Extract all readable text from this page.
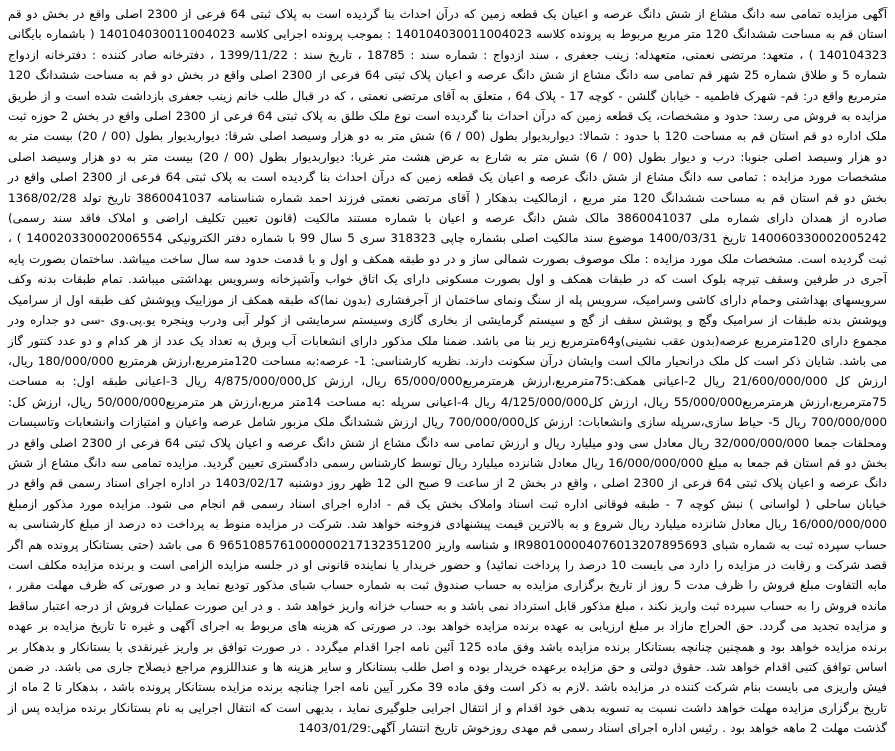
آگهی مزایده تمامی سه دانگ مشاع از شش دانگ عرصه و اعیان یک قطعه زمین که درآن احداث بنا گردیده است به پلاک ثبتی 64 فرعی از 2300 اصلی واقع در بخش دو قم استان قم به مساحت ششدانگ 120 متر مربع مربوط به پرونده کلاسه 140104030011004023 : بموجب پرونده اجرایی کلاسه 140104030011004023 ( باشماره بایگانی 140104323 ) ، متعهد: مرتضی نعمتی، متعهدله: زینب جعفری ، سند ازدواج : شماره سند : 18785 ، تاریخ سند : 1399/11/22 ، دفترخانه صادر کننده : دفترخانه ازدواج شماره 5 و طلاق شماره 25 شهر قم تمامی سه دانگ مشاع از شش دانگ عرصه و اعیان پلاک ثبتی 64 فرعی از 2300 اصلی واقع در بخش دو قم به مساحت ششدانگ 120 مترمربع واقع در: قم- شهرک فاطمیه - خیابان گلشن - کوچه 17 - پلاک 64 ، متعلق به آقای مرتضی نعمتی ، که در قبال طلب خانم زینب جعفری بازداشت شده است و از طریق مزایده به فروش می رسد: حدود و مشخصات، یک قطعه زمین که درآن احداث بنا گردیده است نوع ملک طلق به پلاک ثبتی 64 فرعی از 2300 اصلی واقع در بخش 2 حوزه ثبت ملک اداره دو قم استان قم به مساحت 120 با حدود : شمالا: دیواربدیوار بطول (00 / 6) شش متر به دو هزار وسیصد اصلی شرقا: دیواربدیوار بطول (00 / 20) بیست متر به دو هزار وسیصد اصلی جنوبا: درب و دیوار بطول (00 / 6) شش متر به شارع به عرض هشت متر غربا: دیواربدیوار بطول (00 / 20) بیست متر به دو هزار وسیصد اصلی مشخصات مورد مزایده : تمامی سه دانگ مشاع از شش دانگ عرصه و اعیان یک قطعه زمین که درآن احداث بنا گردیده است به پلاک ثبتی 64 فرعی از 2300 اصلی واقع در بخش دو قم استان قم به مساحت ششدانگ 120 متر مربع ، ازمالکیت بدهکار ( آقای مرتضی نعمتی فرزند احمد شماره شناسنامه 3860041037 تاریخ تولد 1368/02/28 صادره از همدان دارای شماره ملی 3860041037 مالک شش دانگ عرصه و اعیان با شماره مستند مالکیت (قانون تعیین تکلیف اراضی و املاک فاقد سند رسمی) 140060330002005242 تاریخ 1400/03/31 موضوع سند مالکیت اصلی بشماره چاپی 318323 سری 5 سال 99 با شماره دفتر الکترونیکی 140020330002006554 ) ، ثبت گردیده است. مشخصات ملک مورد مزایده : ملک موصوف بصورت شمالی ساز و در دو طبقه همکف و اول و با قدمت حدود سه سال ساخت میباشد. ساختمان بصورت پایه آجری در طرفین وسقف تیرچه بلوک است که در طبقات همکف و اول بصورت مسکونی دارای یک اتاق خواب وآشپزخانه وسرویس بهداشتی میباشد. تمام طبقات بدنه وکف سرویسهای بهداشتی وحمام دارای کاشی وسرامیک، سرویس پله از سنگ ونمای ساختمان از آجرفشاری (بدون نما)که طبقه همکف از موزاییک وپوشش کف طبقه اول از سرامیک وپوشش بدنه طبقات از سرامیک وگچ و پوشش سقف از گچ و سیستم گرمایشی از بخاری گازی وسیستم سرمایشی از کولر آبی ودرب وپنجره یو.پی.وی -سی دو جداره ودر مجموع دارای 120مترمربع عرصه(بدون عقب نشینی)و64مترمربع زیر بنا می باشد. ضمنا ملک مذکور دارای انشعابات آب وبرق به تعداد یک عدد از هر کدام و دو عدد کنتور گاز می باشد. شایان ذکر است کل ملک درانحیار مالک است وایشان درآن سکونت دارند. نظریه کارشناسی: 1- عرصه:به مساحت 120مترمربع،ارزش هرمتربع 180/000/000 ریال، ارزش کل 21/600/000/000 ریال 2-اعیانی همکف:75مترمربع،ارزش هرمترمربع65/000/000 ریال، ارزش کل4/875/000/000 ریال 3-اعیانی طبقه اول: به مساحت 75مترمربع،ارزش هرمترمربع55/000/000 ریال، ارزش کل4/125/000/000 ریال 4-اعیانی سرپله :به مساحت 14متر مربع،ارزش هر مترمربع50/000/000 ریال، ارزش کل: 700/000/000 ریال 5- حیاط سازی،سرپله سازی وانشعابات: ارزش کل700/000/000 ریال ارزش ششدانگ ملک مزبور شامل عرصه واعیان و امتیازات وانشعابات وتاسیسات ومحلقات جمعا 32/000/000/000 ریال معادل سی ودو میلیارد ریال و ارزش تمامی سه دانگ مشاع از شش دانگ عرصه و اعیان پلاک ثبتی 64 فرعی از 2300 اصلی واقع در بخش دو قم استان قم جمعا به مبلغ 16/000/000/000 ریال معادل شانزده میلیارد ریال توسط کارشناس رسمی دادگستری تعیین گردید. مزایده تمامی سه دانگ مشاع از شش دانگ عرصه و اعیان پلاک ثبتی 64 فرعی از 2300 اصلی ، واقع در بخش 2 از ساعت 9 صبح الی 12 ظهر روز دوشنبه 1403/02/17 در اداره اجرای اسناد رسمی قم واقع در خیابان ساحلی ( لواسانی ) نبش کوچه 7 - طبقه فوقانی اداره ثبت اسناد واملاک بخش یک قم - اداره اجرای اسناد رسمی قم انجام می شود. مزایده مورد مذکور ازمبلغ 16/000/000/000 ریال معادل شانزده میلیارد ریال شروع و به بالاترین قیمت پیشنهادی فروخته خواهد شد. شرکت در مزایده منوط به پرداخت ده درصد از مبلغ کارشناسی به حساب سپرده ثبت به شماره شبای IR980100004076013207895693 و شناسه واریز 9651085761000000217132351200 6 می باشد (حتی بستانکار پرونده هم اگر قصد شرکت و رقابت در مزایده را دارد می بایست 10 درصد را پرداخت نمائید) و حضور خریدار یا نماینده قانونی او در جلسه مزایده الزامی است و برنده مزایده مکلف است مابه التفاوت مبلغ فروش را ظرف مدت 5 روز از تاریخ برگزاری مزایده به حساب صندوق ثبت به شماره حساب شبای مذکور تودیع نماید و در صورتی که ظرف مهلت مقرر ، مانده فروش را به حساب سپرده ثبت واریز نکند ، مبلغ مذکور قابل استرداد نمی باشد و به حساب خزانه واریز خواهد شد . و در این صورت عملیات فروش از درجه اعتبار ساقط و مزایده تجدید می گردد. حق الحراج مازاد بر مبلغ ارزیابی به عهده برنده مزایده خواهد بود. در صورتی که هزینه های مربوط به اجرای آگهی و غیره تا تاریخ مزایده بر عهده برنده مزایده خواهد بود و همچنین چنانچه بستانکار برنده مزایده باشد وفق ماده 125 آئین نامه اجرا اقدام میگردد . در صورت توافق بر واریز غیرنقدی با بستانکار و بدهکار بر اساس توافق کتبی اقدام خواهد شد. حقوق دولتی و حق مزایده برعهده خریدار بوده و اصل طلب بستانکار و سایر هزینه ها و عنداللزوم مراجع ذیصلاح جاری می باشد. در ضمن فیش واریزی می بایست بنام شرکت کننده در مزایده باشد .لازم به ذکر است وفق ماده 39 مکرر آیین نامه اجرا چنانچه برنده مزایده بستانکار پرونده باشد ، بدهکار تا 2 ماه از تاریخ برگزاری مزایده مهلت خواهد داشت نسبت به تسویه بدهی خود اقدام و از انتقال اجرایی جلوگیری نماید ، بدیهی است که انتقال اجرایی به نام بستانکار برنده مزایده پس از گذشت مهلت 2 ماهه خواهد بود . رئیس اداره اجرای اسناد رسمی قم مهدی روزخوش تاریخ انتشار آگهی:1403/01/29
